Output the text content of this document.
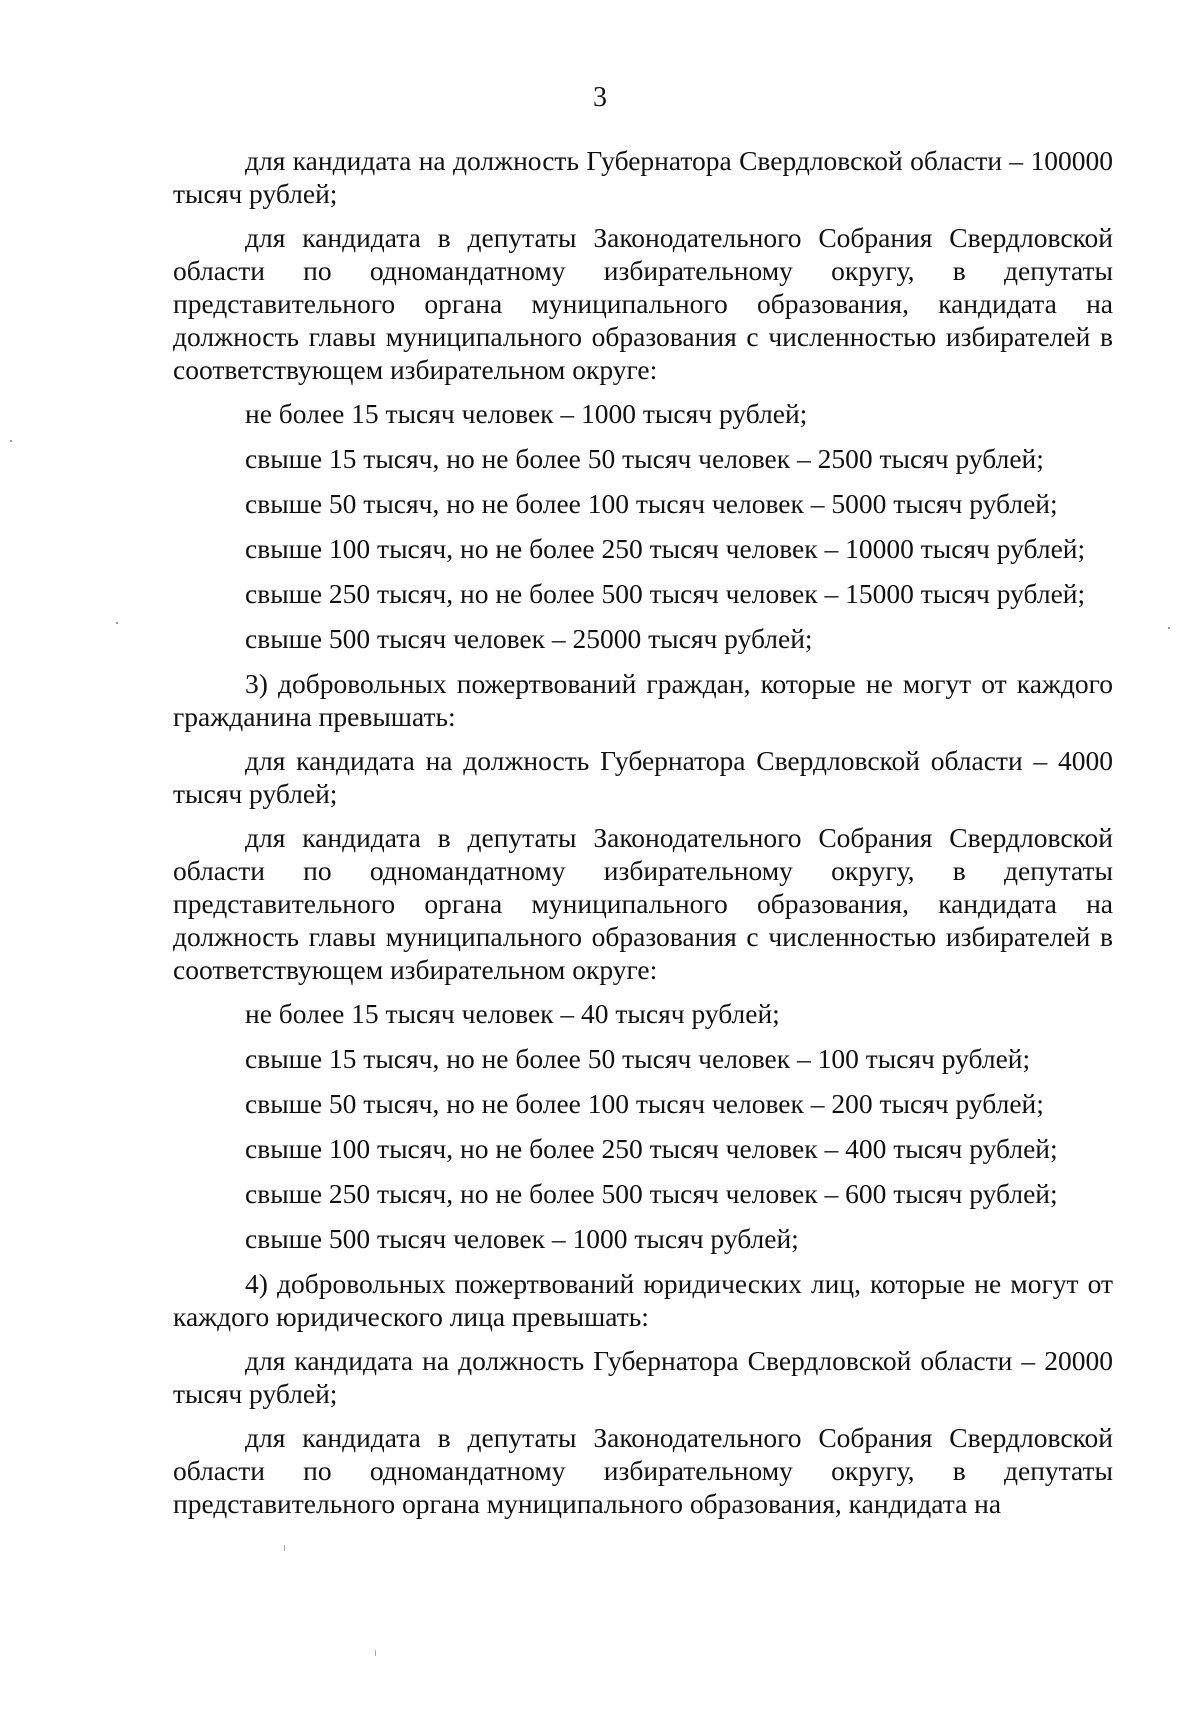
3

для кандидата на должность Губернатора Свердловской области – 100000 тысяч рублей;

для кандидата в депутаты Законодательного Собрания Свердловской области по одномандатному избирательному округу, в депутаты представительного органа муниципального образования, кандидата на должность главы муниципального образования с численностью избирателей в соответствующем избирательном округе:

не более 15 тысяч человек – 1000 тысяч рублей;

свыше 15 тысяч, но не более 50 тысяч человек – 2500 тысяч рублей;

свыше 50 тысяч, но не более 100 тысяч человек – 5000 тысяч рублей;

свыше 100 тысяч, но не более 250 тысяч человек – 10000 тысяч рублей;

свыше 250 тысяч, но не более 500 тысяч человек – 15000 тысяч рублей;

свыше 500 тысяч человек – 25000 тысяч рублей;

3) добровольных пожертвований граждан, которые не могут от каждого гражданина превышать:

для кандидата на должность Губернатора Свердловской области – 4000 тысяч рублей;

для кандидата в депутаты Законодательного Собрания Свердловской области по одномандатному избирательному округу, в депутаты представительного органа муниципального образования, кандидата на должность главы муниципального образования с численностью избирателей в соответствующем избирательном округе:

не более 15 тысяч человек – 40 тысяч рублей;

свыше 15 тысяч, но не более 50 тысяч человек – 100 тысяч рублей;

свыше 50 тысяч, но не более 100 тысяч человек – 200 тысяч рублей;

свыше 100 тысяч, но не более 250 тысяч человек – 400 тысяч рублей;

свыше 250 тысяч, но не более 500 тысяч человек – 600 тысяч рублей;

свыше 500 тысяч человек – 1000 тысяч рублей;

4) добровольных пожертвований юридических лиц, которые не могут от каждого юридического лица превышать:

для кандидата на должность Губернатора Свердловской области – 20000 тысяч рублей;

для кандидата в депутаты Законодательного Собрания Свердловской области по одномандатному избирательному округу, в депутаты представительного органа муниципального образования, кандидата на
